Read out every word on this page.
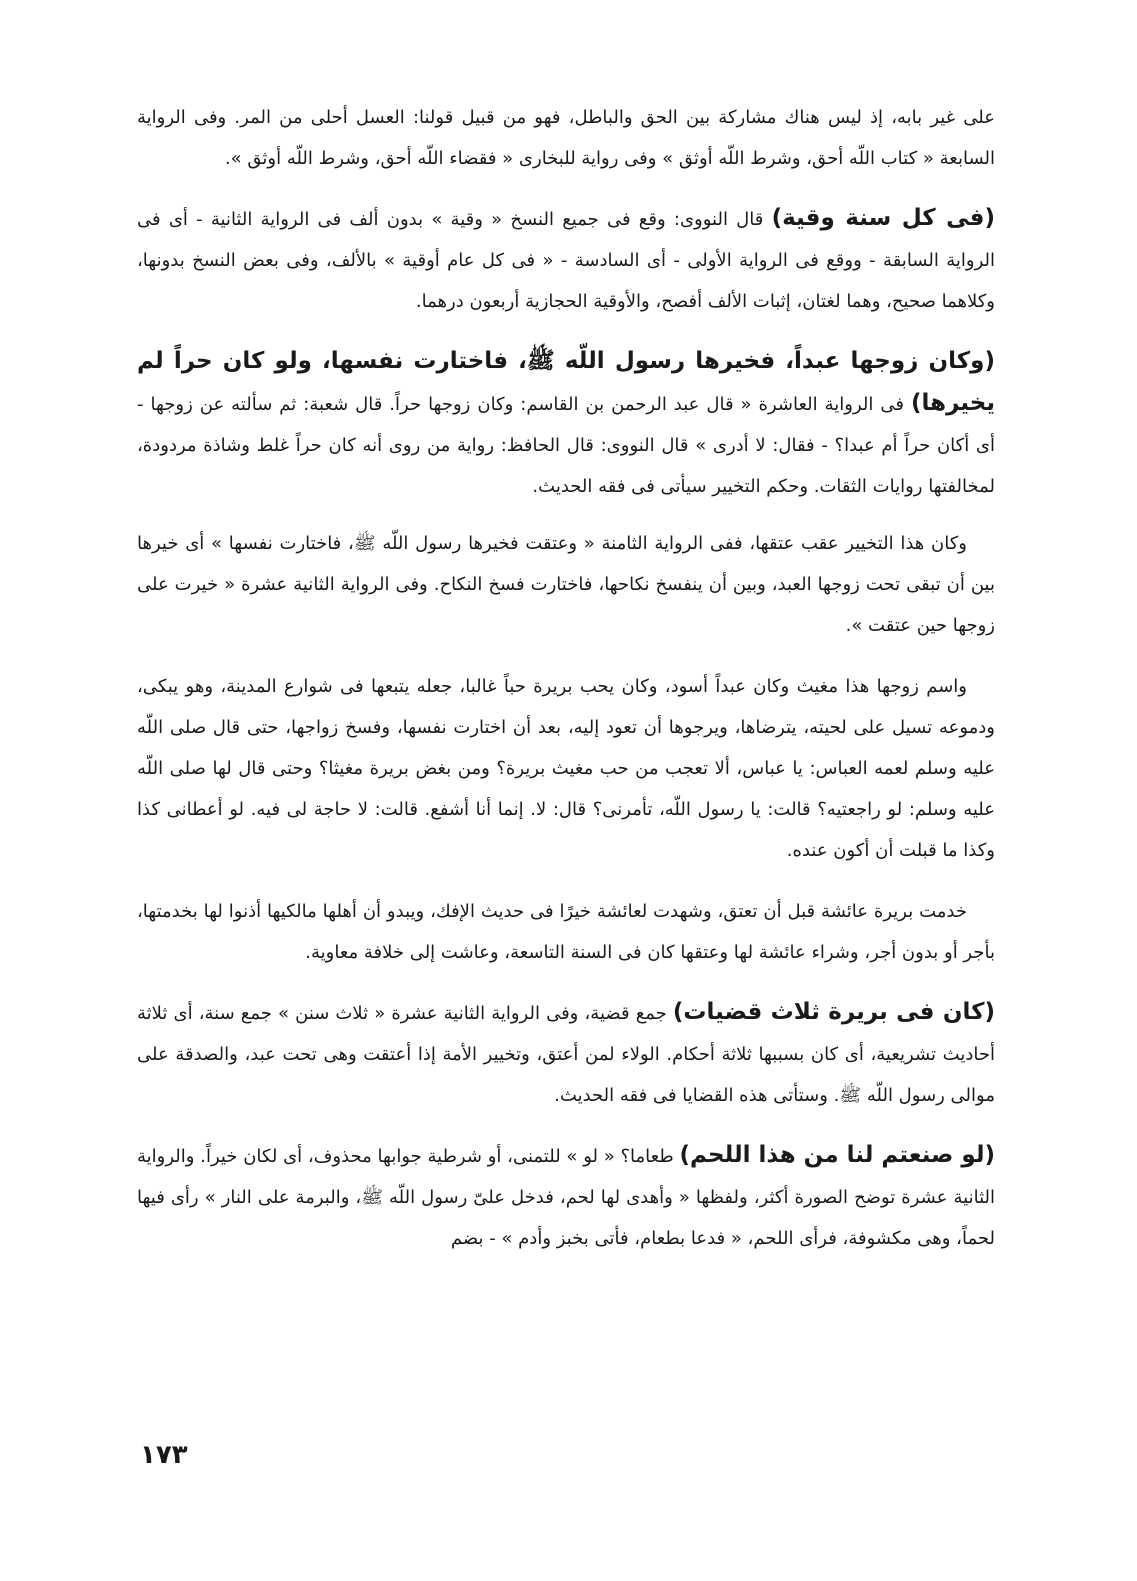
على غير بابه، إذ ليس هناك مشاركة بين الحق والباطل، فهو من قبيل قولنا: العسل أحلى من المر. وفى الرواية السابعة « كتاب اللّه أحق، وشرط اللّه أوثق » وفى رواية للبخارى « فقضاء اللّه أحق، وشرط اللّه أوثق ».

(فى كل سنة وقية) قال النووى: وقع فى جميع النسخ « وقية » بدون ألف فى الرواية الثانية - أى فى الرواية السابقة - ووقع فى الرواية الأولى - أى السادسة - « فى كل عام أوقية » بالألف، وفى بعض النسخ بدونها، وكلاهما صحيح، وهما لغتان، إثبات الألف أفصح، والأوقية الحجازية أربعون درهما.

(وكان زوجها عبداً، فخيرها رسول اللّه ﷺ، فاختارت نفسها، ولو كان حراً لم يخيرها) فى الرواية العاشرة « قال عبد الرحمن بن القاسم: وكان زوجها حراً. قال شعبة: ثم سألته عن زوجها - أى أكان حراً أم عبدا؟ - فقال: لا أدرى » قال النووى: قال الحافظ: رواية من روى أنه كان حراً غلط وشاذة مردودة، لمخالفتها روايات الثقات. وحكم التخيير سيأتى فى فقه الحديث.

وكان هذا التخيير عقب عتقها، ففى الرواية الثامنة « وعتقت فخيرها رسول اللّه ﷺ، فاختارت نفسها » أى خيرها بين أن تبقى تحت زوجها العبد، وبين أن ينفسخ نكاحها، فاختارت فسخ النكاح. وفى الرواية الثانية عشرة « خيرت على زوجها حين عتقت ».

واسم زوجها هذا مغيث وكان عبداً أسود، وكان يحب بريرة حباً غالبا، جعله يتبعها فى شوارع المدينة، وهو يبكى، ودموعه تسيل على لحيته، يترضاها، ويرجوها أن تعود إليه، بعد أن اختارت نفسها، وفسخ زواجها، حتى قال صلى اللّه عليه وسلم لعمه العباس: يا عباس، ألا تعجب من حب مغيث بريرة؟ ومن بغض بريرة مغيثا؟ وحتى قال لها صلى اللّه عليه وسلم: لو راجعتيه؟ قالت: يا رسول اللّه، تأمرنى؟ قال: لا. إنما أنا أشفع. قالت: لا حاجة لى فيه. لو أعطانى كذا وكذا ما قبلت أن أكون عنده.

خدمت بريرة عائشة قبل أن تعتق، وشهدت لعائشة خيرًا فى حديث الإفك، ويبدو أن أهلها مالكيها أذنوا لها بخدمتها، بأجر أو بدون أجر، وشراء عائشة لها وعتقها كان فى السنة التاسعة، وعاشت إلى خلافة معاوية.

(كان فى بريرة ثلاث قضيات) جمع قضية، وفى الرواية الثانية عشرة « ثلاث سنن » جمع سنة، أى ثلاثة أحاديث تشريعية، أى كان بسببها ثلاثة أحكام. الولاء لمن أعتق، وتخيير الأمة إذا أعتقت وهى تحت عبد، والصدقة على موالى رسول اللّه ﷺ. وستأتى هذه القضايا فى فقه الحديث.

(لو صنعتم لنا من هذا اللحم) طعاما؟ « لو » للتمنى، أو شرطية جوابها محذوف، أى لكان خيراً. والرواية الثانية عشرة توضح الصورة أكثر، ولفظها « وأهدى لها لحم، فدخل علىّ رسول اللّه ﷺ، والبرمة على النار » رأى فيها لحماً، وهى مكشوفة، فرأى اللحم، « فدعا بطعام، فأتى بخبز وأدم » - بضم

١٧٣
